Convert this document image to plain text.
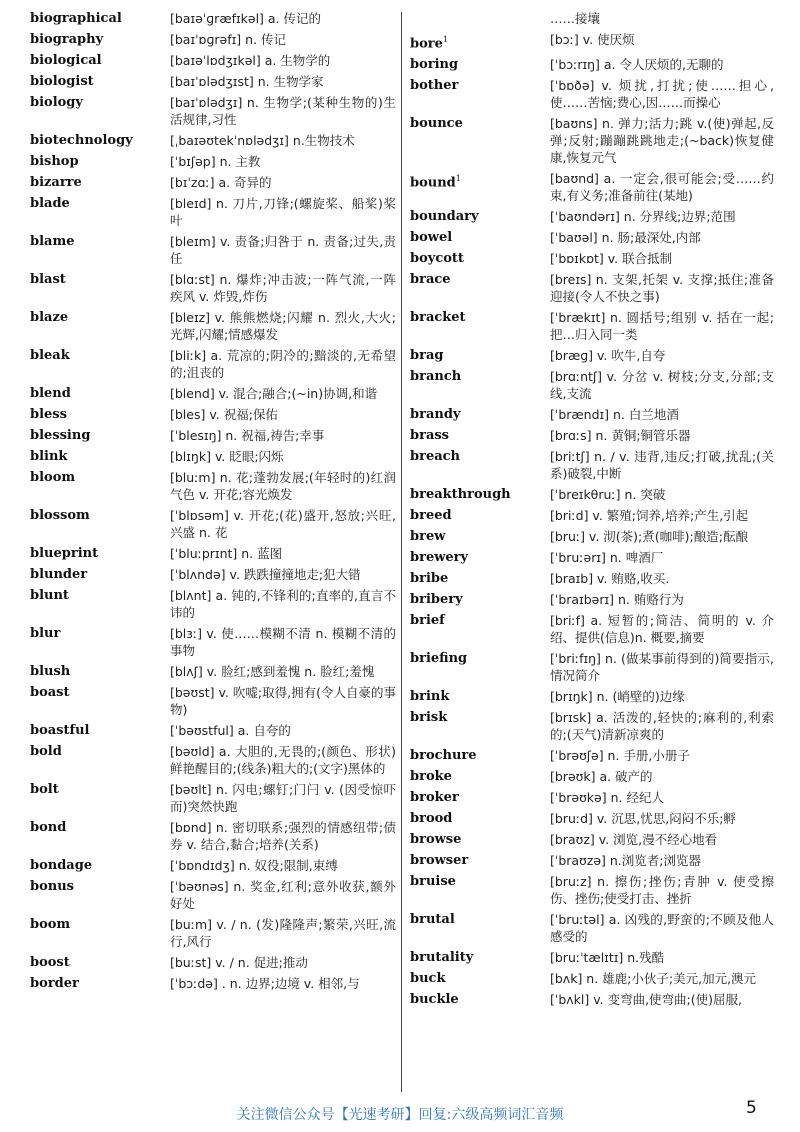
biographical	[baɪəˈɡræfɪkəl] a. 传记的
biography	[baɪˈɒɡrəfɪ] n. 传记
biological	[baɪəˈlɒdʒɪkəl] a. 生物学的
biologist	[baɪˈɒlədʒɪst] n. 生物学家
biology	[baɪˈɒlədʒɪ] n. 生物学;(某种生物的)生活规律,习性
biotechnology	[ˌbaɪəʊtekˈnɒlədʒɪ] n.生物技术
bishop	[ˈbɪʃəp] n. 主教
bizarre	[bɪˈzɑː] a. 奇异的
blade	[bleɪd] n. 刀片,刀锋;(螺旋桨、船桨)桨叶
blame	[bleɪm] v. 责备;归咎于 n. 责备;过失,责任
blast	[blɑːst] n. 爆炸;冲击波;一阵气流,一阵疾风 v. 炸毁,炸伤
blaze	[bleɪz] v. 熊熊燃烧;闪耀 n. 烈火,大火;光辉,闪耀;情感爆发
bleak	[bliːk] a. 荒凉的;阴冷的;黯淡的,无希望的;沮丧的
blend	[blend] v. 混合;融合;(~in)协调,和谐
bless	[bles] v. 祝福;保佑
blessing	[ˈblesɪŋ] n. 祝福,祷告;幸事
blink	[blɪŋk] v. 眨眼;闪烁
bloom	[bluːm] n. 花;蓬勃发展;(年轻时的)红润气色 v. 开花;容光焕发
blossom	[ˈblɒsəm] v. 开花;(花)盛开,怒放;兴旺,兴盛 n. 花
blueprint	[ˈbluːprɪnt] n. 蓝图
blunder	[ˈblʌndə] v. 跌跌撞撞地走;犯大错
blunt	[blʌnt] a. 钝的,不锋利的;直率的,直言不讳的
blur	[blɜː] v. 使……模糊不清 n. 模糊不清的事物
blush	[blʌʃ] v. 脸红;感到羞愧 n. 脸红;羞愧
boast	[bəʊst] v. 吹嘘;取得,拥有(令人自豪的事物)
boastful	[ˈbəʊstful] a. 自夸的
bold	[bəʊld] a. 大胆的,无畏的;(颜色、形状)鲜艳醒目的;(线条)粗大的;(文字)黑体的
bolt	[bəʊlt] n. 闪电;螺钉;门闩 v. (因受惊吓而)突然快跑
bond	[bɒnd] n. 密切联系;强烈的情感纽带;债券 v. 结合,黏合;培养(关系)
bondage	[ˈbɒndɪdʒ] n. 奴役;限制,束缚
bonus	[ˈbəʊnəs] n. 奖金,红利;意外收获,额外好处
boom	[buːm] v. / n. (发)隆隆声;繁荣,兴旺,流行,风行
boost	[buːst] v. / n. 促进;推动
border	[ˈbɔːdə] . n. 边界;边境 v. 相邻,与
……接壤
bore$^1$	[bɔː] v. 使厌烦
boring	[ˈbɔːrɪŋ] a. 令人厌烦的,无聊的
bother	[ˈbɒðə] v. 烦扰,打扰;使……担心,使……苦恼;费心,因……而操心
bounce	[baʊns] n. 弹力;活力;跳 v.(使)弹起,反弹;反射;蹦蹦跳跳地走;(~back)恢复健康,恢复元气
bound$^1$	[baʊnd] a. 一定会,很可能会;受……约束,有义务;准备前往(某地)
boundary	[ˈbaʊndərɪ] n. 分界线;边界;范围
bowel	[ˈbaʊəl] n. 肠;最深处,内部
boycott	[ˈbɒɪkɒt] v. 联合抵制
brace	[breɪs] n. 支架,托架 v. 支撑;抵住;准备迎接(令人不快之事)
bracket	[ˈbrækɪt] n. 圆括号;组别 v. 括在一起;把…归入同一类
brag	[bræɡ] v. 吹牛,自夸
branch	[brɑːntʃ] v. 分岔 v. 树枝;分支,分部;支线,支流
brandy	[ˈbrændɪ] n. 白兰地酒
brass	[brɑːs] n. 黄铜;铜管乐器
breach	[briːtʃ] n. / v. 违背,违反;打破,扰乱;(关系)破裂,中断
breakthrough	[ˈbreɪkθruː] n. 突破
breed	[briːd] v. 繁殖;饲养,培养;产生,引起
brew	[bruː] v. 沏(茶);煮(咖啡);酿造;酝酿
brewery	[ˈbruːərɪ] n. 啤酒厂
bribe	[braɪb] v. 贿赂,收买.
bribery	[ˈbraɪbərɪ] n. 贿赂行为
brief	[briːf] a. 短暂的;简洁、简明的 v. 介绍、提供(信息)n. 概要,摘要
briefing	[ˈbriːfɪŋ] n. (做某事前得到的)简要指示,情况简介
brink	[brɪŋk] n. (峭壁的)边缘
brisk	[brɪsk] a. 活泼的,轻快的;麻利的,利索的;(天气)清新凉爽的
brochure	[ˈbrəʊʃə] n. 手册,小册子
broke	[brəʊk] a. 破产的
broker	[ˈbrəʊkə] n. 经纪人
brood	[bruːd] v. 沉思,忧思,闷闷不乐;孵
browse	[braʊz] v. 浏览,漫不经心地看
browser	[ˈbraʊzə] n.浏览者;浏览器
bruise	[bruːz] n. 擦伤;挫伤;青肿 v. 使受擦伤、挫伤;使受打击、挫折
brutal	[ˈbruːtəl] a. 凶残的,野蛮的;不顾及他人感受的
brutality	[bruːˈtælɪtɪ] n.残酷
buck	[bʌk] n. 雄鹿;小伙子;美元,加元,澳元
buckle	[ˈbʌkl] v. 变弯曲,使弯曲;(使)屈服,
关注微信公众号【光速考研】回复:六级高频词汇音频	5
